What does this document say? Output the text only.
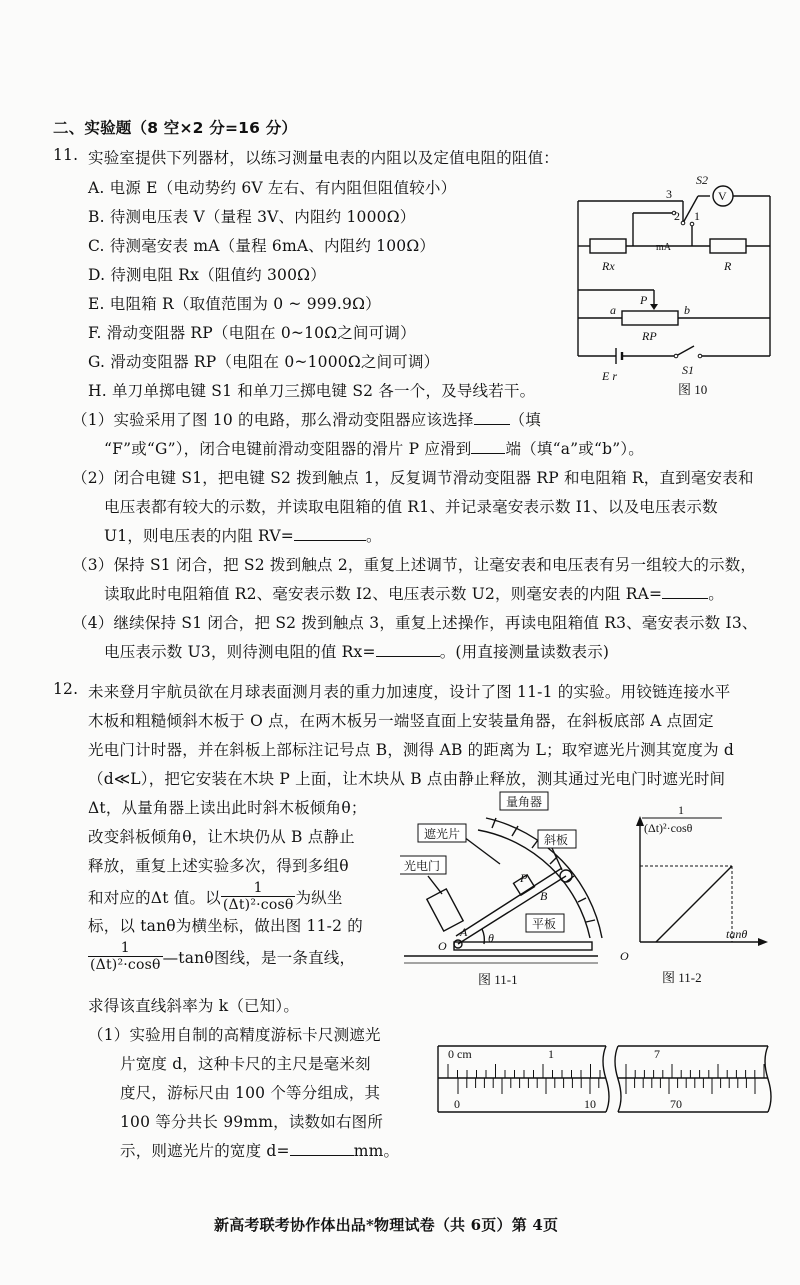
二、实验题（8 空×2 分=16 分）
11. 实验室提供下列器材，以练习测量电表的内阻以及定值电阻的阻值：
A. 电源 E（电动势约 6V 左右、有内阻但阻值较小）
B. 待测电压表 V（量程 3V、内阻约 1000Ω）
C. 待测毫安表 mA（量程 6mA、内阻约 100Ω）
D. 待测电阻 Rx（阻值约 300Ω）
E. 电阻箱 R（取值范围为 0 ~ 999.9Ω）
F. 滑动变阻器 RP（电阻在 0~10Ω之间可调）
G. 滑动变阻器 RP（电阻在 0~1000Ω之间可调）
H. 单刀单掷电键 S1 和单刀三掷电键 S2 各一个，及导线若干。
（1）实验采用了图 10 的电路，那么滑动变阻器应该选择 （填
“F”或“G”），闭合电键前滑动变阻器的滑片 P 应滑到 端（填“a”或“b”）。
（2）闭合电键 S1，把电键 S2 拨到触点 1，反复调节滑动变阻器 RP 和电阻箱 R，直到毫安表和
电压表都有较大的示数，并读取电阻箱的值 R1、并记录毫安表示数 I1、以及电压表示数
U1，则电压表的内阻 RV=	。
（3）保持 S1 闭合，把 S2 拨到触点 2，重复上述调节，让毫安表和电压表有另一组较大的示数，
读取此时电阻箱值 R2、毫安表示数 I2、电压表示数 U2，则毫安表的内阻 RA=	。
（4）继续保持 S1 闭合，把 S2 拨到触点 3，重复上述操作，再读电阻箱值 R3、毫安表示数 I3、
电压表示数 U3，则待测电阻的值 Rx=	。(用直接测量读数表示)
S2
V
3
2 1
mA
Rx	R
P
a	b
RP
E r	S1
图 10
12. 未来登月宇航员欲在月球表面测月表的重力加速度，设计了图 11-1 的实验。用铰链连接水平
木板和粗糙倾斜木板于 O 点，在两木板另一端竖直面上安装量角器，在斜板底部 A 点固定
光电门计时器，并在斜板上部标注记号点 B，测得 AB 的距离为 L；取窄遮光片测其宽度为 d
（d≪L），把它安装在木块 P 上面，让木块从 B 点由静止释放，测其通过光电门时遮光时间
Δt，从量角器上读出此时斜木板倾角θ；
改变斜板倾角θ，让木块仍从 B 点静止
释放，重复上述实验多次，得到多组θ
和对应的Δt 值。以 $\frac{1}{\text{(Δt)²·cosθ}}$ 为纵坐
标，以 tanθ为横坐标，做出图 11-2 的
$\frac{1}{\text{(Δt)²·cosθ}}$ —tanθ图线，是一条直线，
求得该直线斜率为 k（已知）。
（1）实验用自制的高精度游标卡尺测遮光
片宽度 d，这种卡尺的主尺是毫米刻
度尺，游标尺由 100 个等分组成，其
100 等分共长 99mm，读数如右图所
示，则遮光片的宽度 d=	mm。
量角器
遮光片	斜板
光电门
P
B
A θ
O
平板
图 11-1
1
(Δt)²·cosθ
tanθ
O
图 11-2
0 cm	1	7
0	10	70
新高考联考协作体出品*物理试卷（共 6页）第 4页
